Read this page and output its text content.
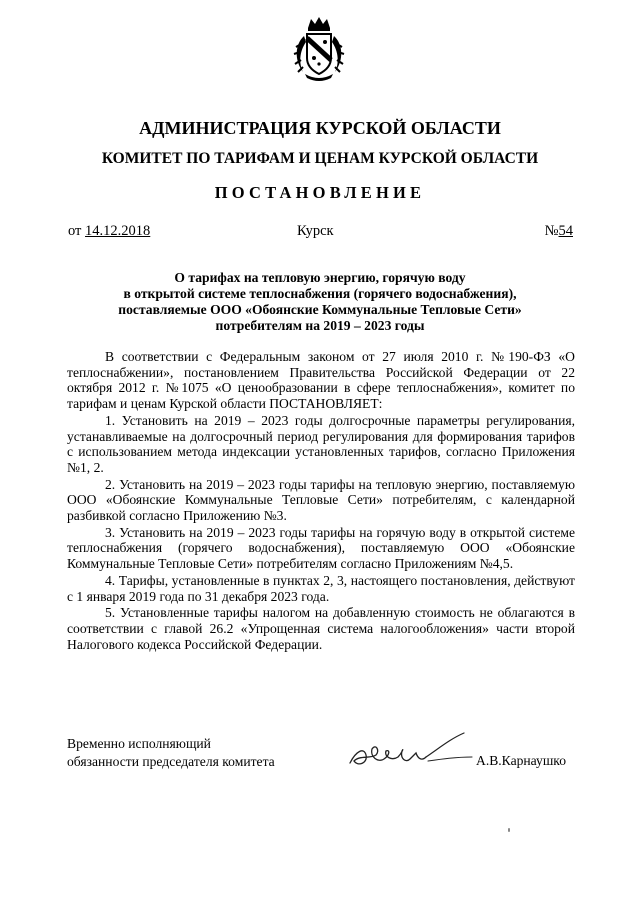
АДМИНИСТРАЦИЯ КУРСКОЙ ОБЛАСТИ
КОМИТЕТ ПО ТАРИФАМ И ЦЕНАМ КУРСКОЙ ОБЛАСТИ
ПОСТАНОВЛЕНИЕ
от 14.12.2018	Курск	№54
О тарифах на тепловую энергию, горячую воду
в открытой системе теплоснабжения (горячего водоснабжения),
поставляемые ООО «Обоянские Коммунальные Тепловые Сети»
потребителям на 2019 – 2023 годы

В соответствии с Федеральным законом от 27 июля 2010 г. №190-ФЗ «О теплоснабжении», постановлением Правительства Российской Федерации от 22 октября 2012 г. №1075 «О ценообразовании в сфере теплоснабжения», комитет по тарифам и ценам Курской области ПОСТАНОВЛЯЕТ:

1. Установить на 2019 – 2023 годы долгосрочные параметры регулирования, устанавливаемые на долгосрочный период регулирования для формирования тарифов с использованием метода индексации установленных тарифов, согласно Приложения №1, 2.

2. Установить на 2019 – 2023 годы тарифы на тепловую энергию, поставляемую ООО «Обоянские Коммунальные Тепловые Сети» потребителям, с календарной разбивкой согласно Приложению №3.

3. Установить на 2019 – 2023 годы тарифы на горячую воду в открытой системе теплоснабжения (горячего водоснабжения), поставляемую ООО «Обоянские Коммунальные Тепловые Сети» потребителям согласно Приложениям №4,5.

4. Тарифы, установленные в пунктах 2, 3, настоящего постановления, действуют с 1 января 2019 года по 31 декабря 2023 года.

5. Установленные тарифы налогом на добавленную стоимость не облагаются в соответствии с главой 26.2 «Упрощенная система налогообложения» части второй Налогового кодекса Российской Федерации.

Временно исполняющий
обязанности председателя комитета	А.В.Карнаушко
